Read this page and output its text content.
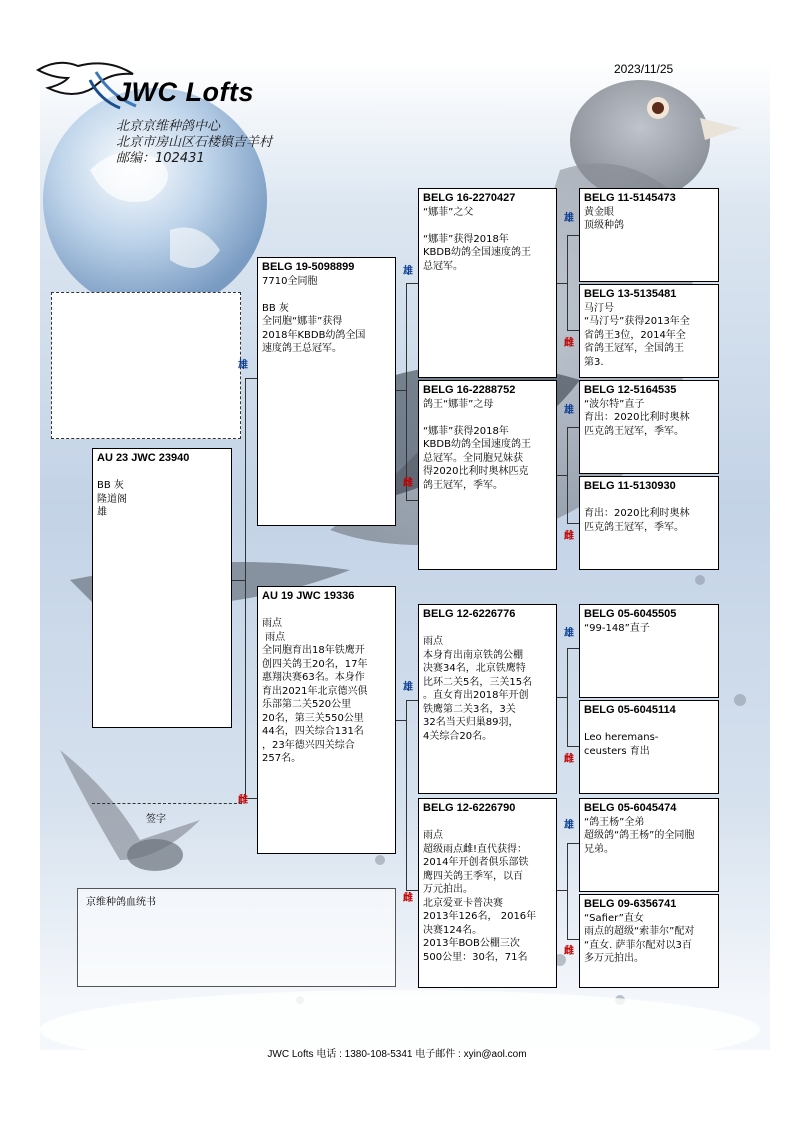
JWC Lofts
北京京维种鸽中心
北京市房山区石楼镇吉羊村
邮编：102431
2023/11/25
雄
雌
雄
雌
雄
雌
雄
雌
雄
雌
雄
雌
雄
雌
AU 23 JWC 23940

BB 灰
隆道阁
雄
BELG 19-5098899
7710全同胞

BB 灰
全同胞“娜菲”获得
2018年KBDB幼鸽全国
速度鸽王总冠军。
AU 19 JWC 19336

雨点
雨点
全同胞育出18年铁鹰开
创四关鸽王20名，17年
惠翔决赛63名。本身作
育出2021年北京德兴俱
乐部第二关520公里
20名，第三关550公里
44名，四关综合131名
，23年德兴四关综合
257名。
BELG 16-2270427
“娜菲”之父

“娜菲”获得2018年
KBDB幼鸽全国速度鸽王
总冠军。
BELG 16-2288752
鸽王“娜菲”之母

“娜菲”获得2018年
KBDB幼鸽全国速度鸽王
总冠军。全同胞兄妹获
得2020比利时奥林匹克
鸽王冠军，季军。
BELG 12-6226776

雨点
本身育出南京铁鸽公棚
决赛34名，北京铁鹰特
比环二关5名，三关15名
。直女育出2018年开创
铁鹰第二关3名，3关
32名当天归巢89羽，
4关综合20名。
BELG 12-6226790

雨点
超级雨点雌!直代获得：
2014年开创者俱乐部铁
鹰四关鸽王季军，以百
万元拍出。
北京爱亚卡普决赛
2013年126名， 2016年
决赛124名。
2013年BOB公棚三次
500公里：30名，71名
BELG 11-5145473
黄金眼
顶级种鸽
BELG 13-5135481
马汀号
“马汀号”获得2013年全
省鸽王3位，2014年全
省鸽王冠军，全国鸽王
第3.
BELG 12-5164535
“波尔特”直子
育出：2020比利时奥林
匹克鸽王冠军，季军。
BELG 11-5130930

育出：2020比利时奥林
匹克鸽王冠军，季军。
BELG 05-6045505
“99-148”直子
BELG 05-6045114

Leo heremans-
ceusters 育出
BELG 05-6045474
“鸽王杨”全弟
超级鸽“鸽王杨”的全同胞
兄弟。
BELG 09-6356741
“Safier”直女
雨点的超级“索菲尔”配对
“直女. 萨菲尔配对以3百
多万元拍出。
签字
京维种鸽血统书
JWC Lofts 电话 : 1380-108-5341 电子邮件 : xyin@aol.com
